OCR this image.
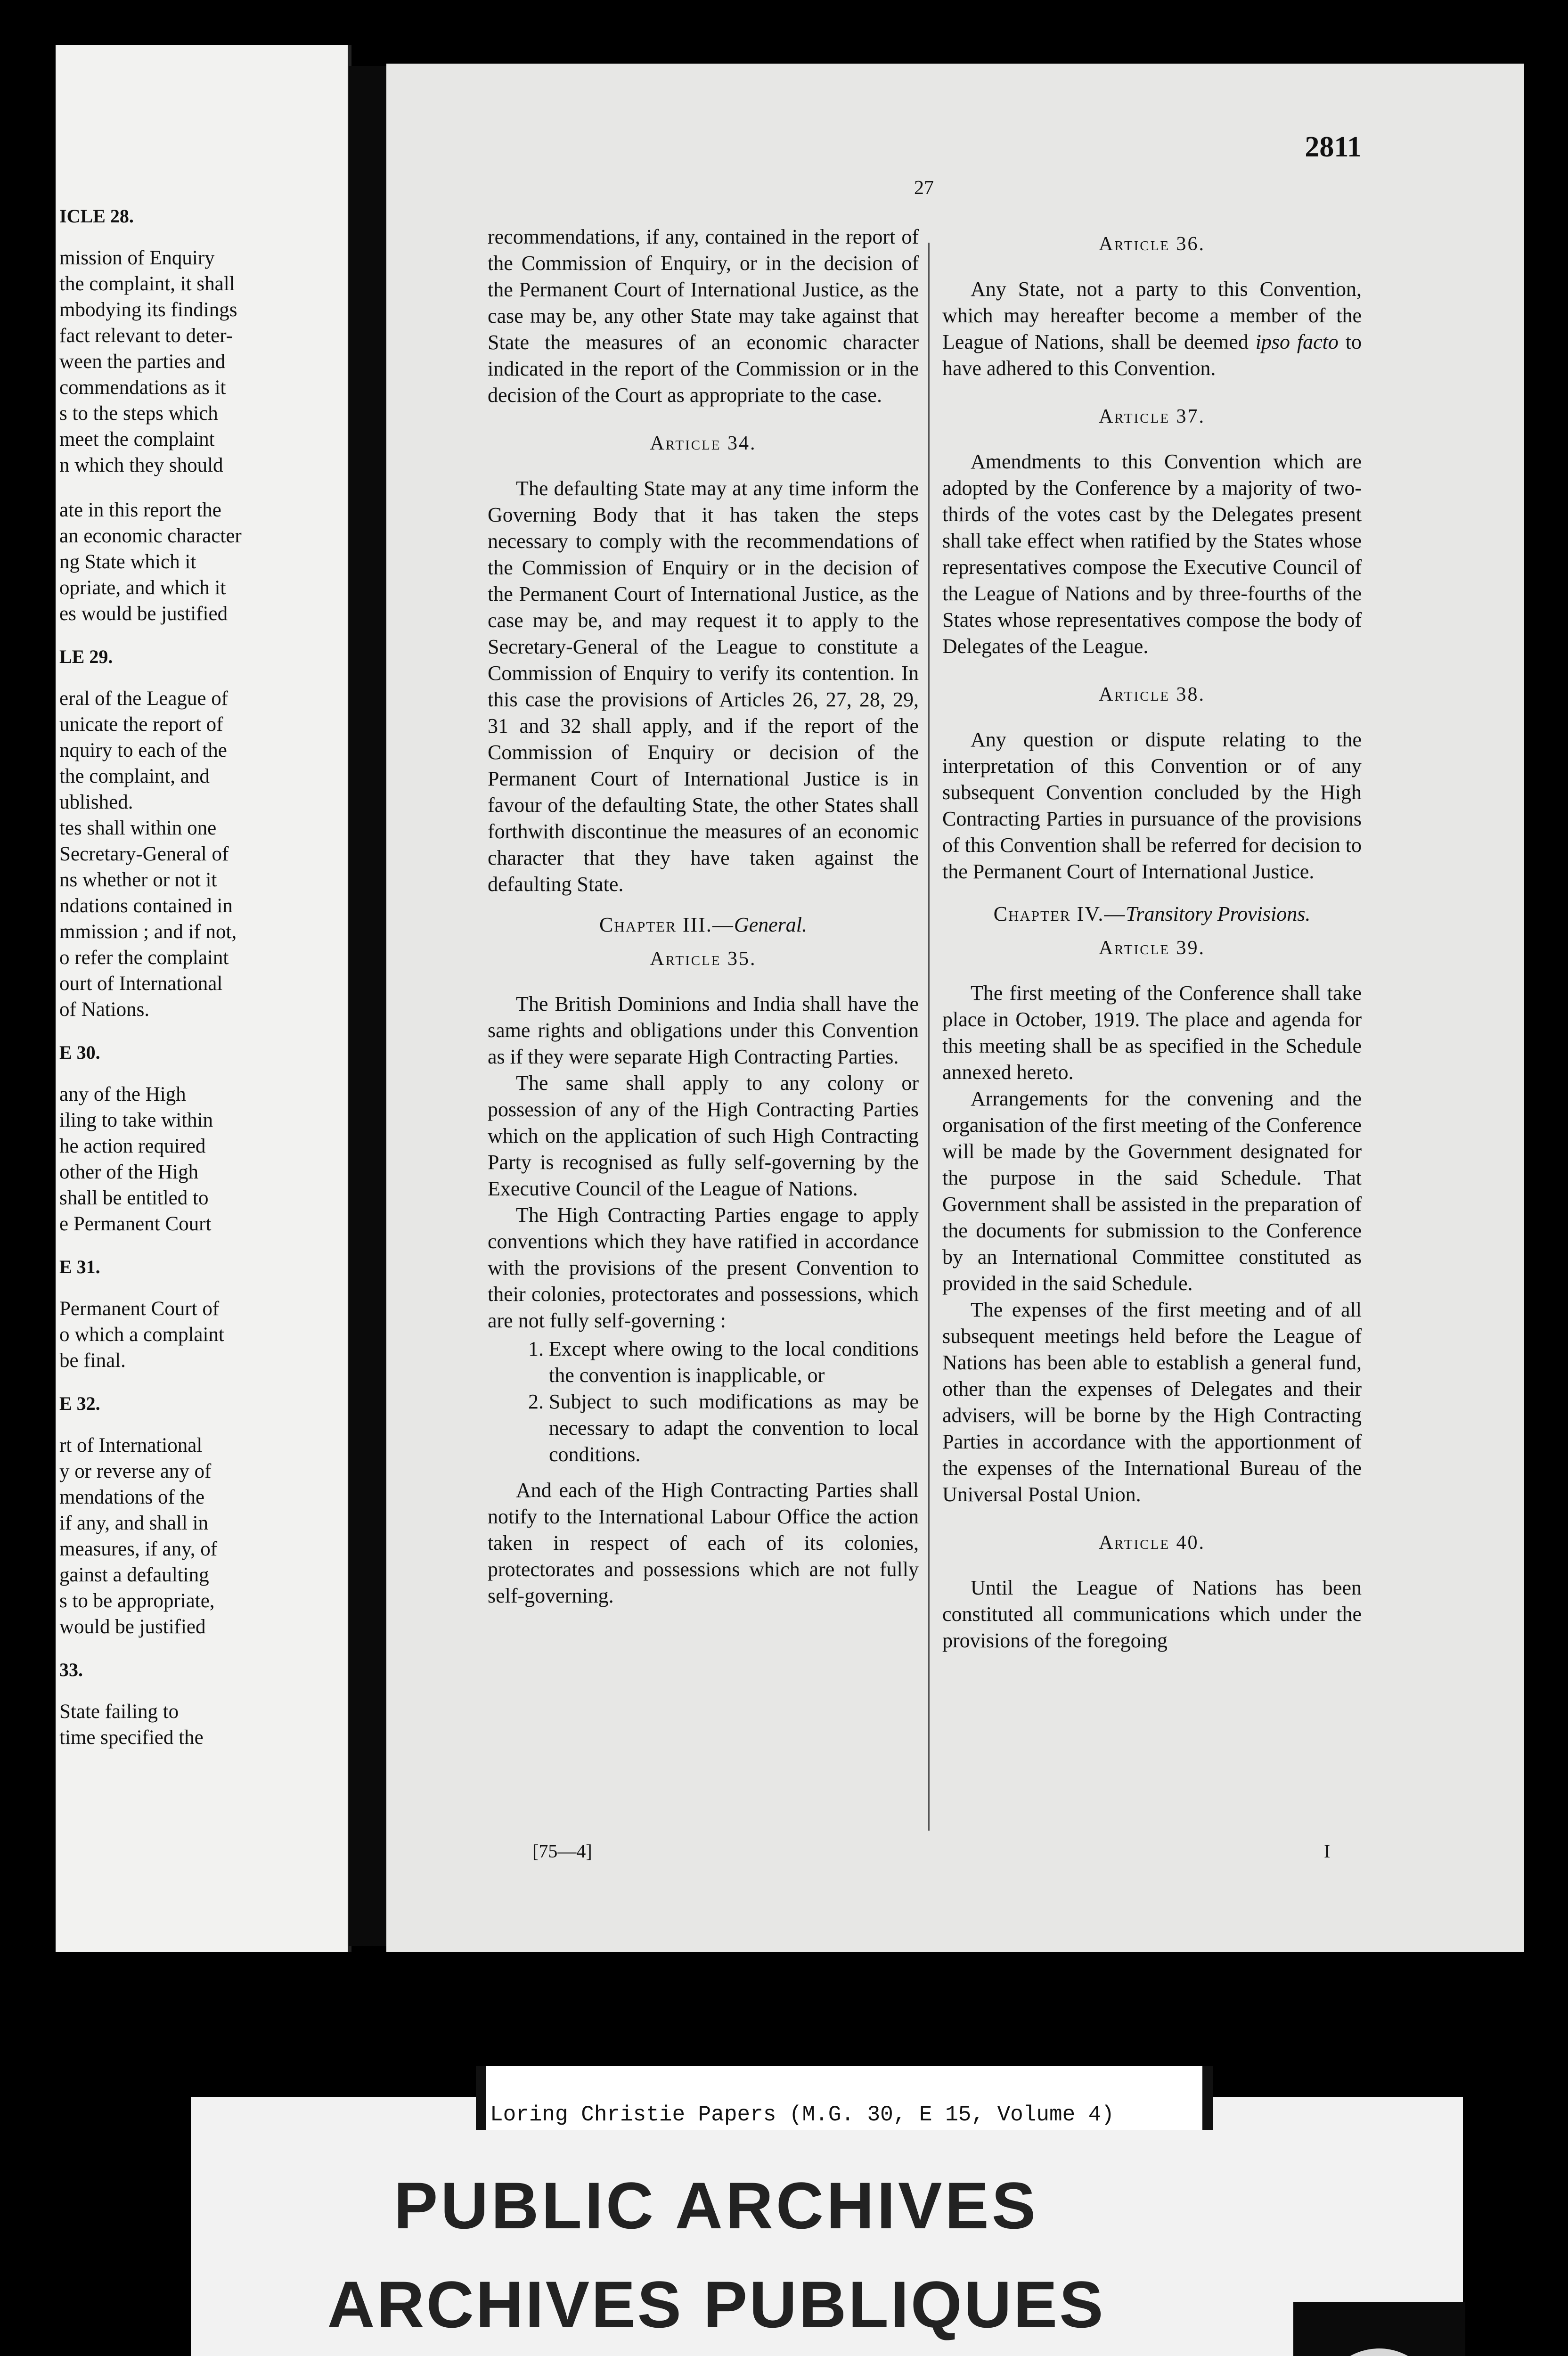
ICLE 28.
mission of Enquiry
the complaint, it shall
mbodying its findings
fact relevant to deter-
ween the parties and
commendations as it
s to the steps which
meet the complaint
n which they should
ate in this report the
an economic character
ng State which it
opriate, and which it
es would be justified
LE 29.
eral of the League of
unicate the report of
nquiry to each of the
the complaint, and
ublished.
tes shall within one
Secretary-General of
ns whether or not it
ndations contained in
mmission ; and if not,
o refer the complaint
ourt of International
of Nations.
E 30.
any of the High
iling to take within
he action required
other of the High
shall be entitled to
e Permanent Court
E 31.
Permanent Court of
o which a complaint
be final.
E 32.
rt of International
y or reverse any of
mendations of the
if any, and shall in
measures, if any, of
gainst a defaulting
s to be appropriate,
would be justified
33.
State failing to
time specified the
2811
27

recommendations, if any, contained in the report of the Commission of Enquiry, or in the decision of the Permanent Court of International Justice, as the case may be, any other State may take against that State the measures of an economic character indicated in the report of the Commission or in the decision of the Court as appropriate to the case.

Article 34.

The defaulting State may at any time inform the Governing Body that it has taken the steps necessary to comply with the recommendations of the Commission of Enquiry or in the decision of the Permanent Court of International Justice, as the case may be, and may request it to apply to the Secretary-General of the League to constitute a Commission of Enquiry to verify its contention. In this case the provisions of Articles 26, 27, 28, 29, 31 and 32 shall apply, and if the report of the Commission of Enquiry or decision of the Permanent Court of International Justice is in favour of the defaulting State, the other States shall forthwith discontinue the measures of an economic character that they have taken against the defaulting State.

Chapter III.—General.
Article 35.

The British Dominions and India shall have the same rights and obligations under this Convention as if they were separate High Contracting Parties.

The same shall apply to any colony or possession of any of the High Contracting Parties which on the application of such High Contracting Party is recognised as fully self-governing by the Executive Council of the League of Nations.

The High Contracting Parties engage to apply conventions which they have ratified in accordance with the provisions of the present Convention to their colonies, protectorates and possessions, which are not fully self-governing :

1. Except where owing to the local conditions the convention is inapplicable, or
2. Subject to such modifications as may be necessary to adapt the convention to local conditions.

And each of the High Contracting Parties shall notify to the International Labour Office the action taken in respect of each of its colonies, protectorates and possessions which are not fully self-governing.

Article 36.

Any State, not a party to this Convention, which may hereafter become a member of the League of Nations, shall be deemed ipso facto to have adhered to this Convention.

Article 37.

Amendments to this Convention which are adopted by the Conference by a majority of two-thirds of the votes cast by the Delegates present shall take effect when ratified by the States whose representatives compose the Executive Council of the League of Nations and by three-fourths of the States whose representatives compose the body of Delegates of the League.

Article 38.

Any question or dispute relating to the interpretation of this Convention or of any subsequent Convention concluded by the High Contracting Parties in pursuance of the provisions of this Convention shall be referred for decision to the Permanent Court of International Justice.

Chapter IV.—Transitory Provisions.
Article 39.

The first meeting of the Conference shall take place in October, 1919. The place and agenda for this meeting shall be as specified in the Schedule annexed hereto.

Arrangements for the convening and the organisation of the first meeting of the Conference will be made by the Government designated for the purpose in the said Schedule. That Government shall be assisted in the preparation of the documents for submission to the Conference by an International Committee constituted as provided in the said Schedule.

The expenses of the first meeting and of all subsequent meetings held before the League of Nations has been able to establish a general fund, other than the expenses of Delegates and their advisers, will be borne by the High Contracting Parties in accordance with the apportionment of the expenses of the International Bureau of the Universal Postal Union.

Article 40.

Until the League of Nations has been constituted all communications which under the provisions of the foregoing

[75—4]	I
Loring Christie Papers (M.G. 30, E 15, Volume 4)
PUBLIC ARCHIVES
ARCHIVES PUBLIQUES
